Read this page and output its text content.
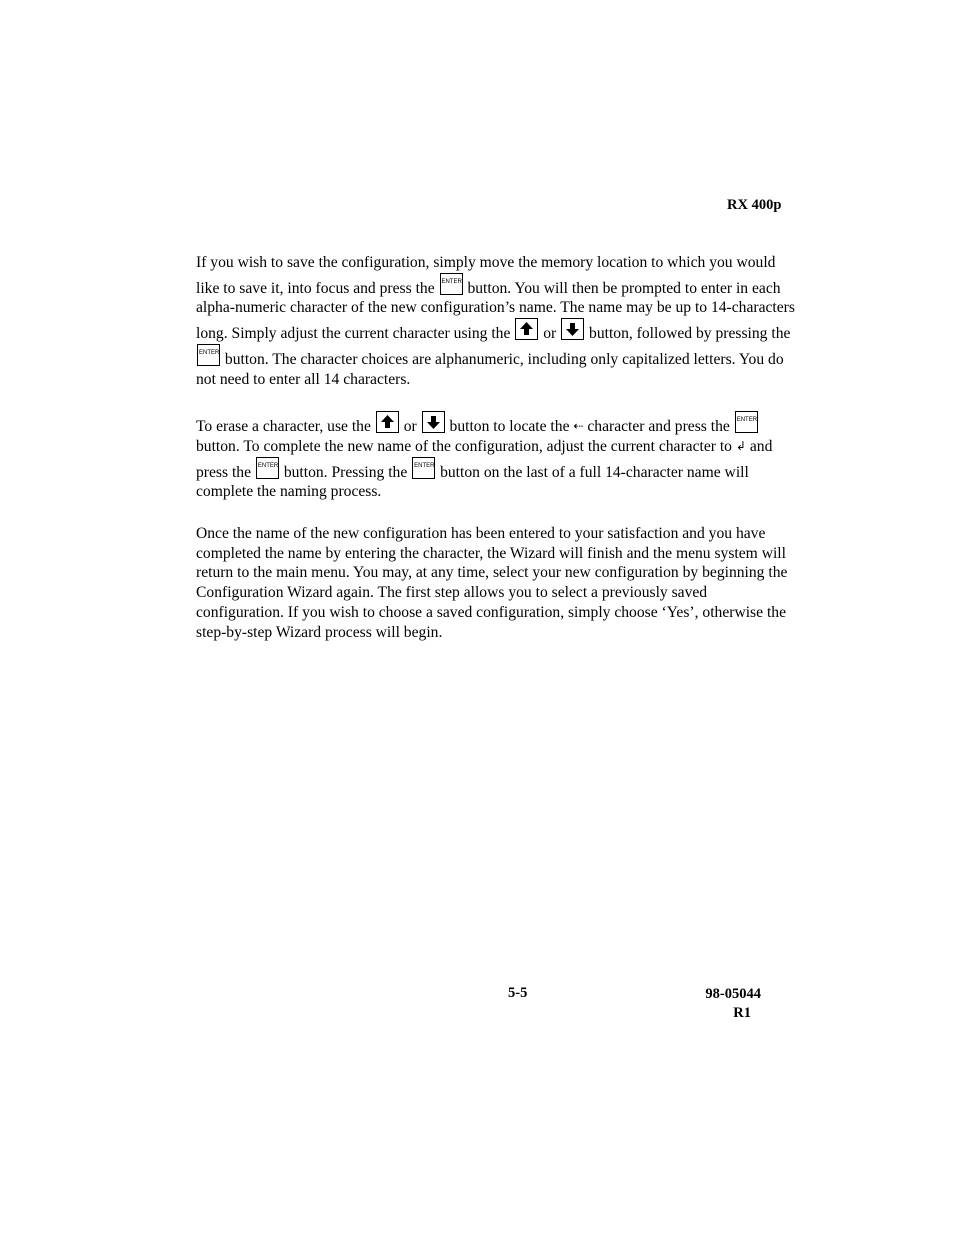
RX 400p

If you wish to save the configuration, simply move the memory location to which you would like to save it, into focus and press the ENTER button. You will then be prompted to enter in each alpha-numeric character of the new configuration’s name. The name may be up to 14-characters long. Simply adjust the current character using the or button, followed by pressing the
ENTER button. The character choices are alphanumeric, including only capitalized letters. You do not need to enter all 14 characters.

To erase a character, use the or button to locate the ⇠ character and press the ENTER
button. To complete the new name of the configuration, adjust the current character to ↲ and press the ENTER button. Pressing the ENTER button on the last of a full 14-character name will complete the naming process.

Once the name of the new configuration has been entered to your satisfaction and you have completed the name by entering the character, the Wizard will finish and the menu system will return to the main menu. You may, at any time, select your new configuration by beginning the Configuration Wizard again. The first step allows you to select a previously saved configuration. If you wish to choose a saved configuration, simply choose ‘Yes’, otherwise the step-by-step Wizard process will begin.

5-5	98-05044
R1
